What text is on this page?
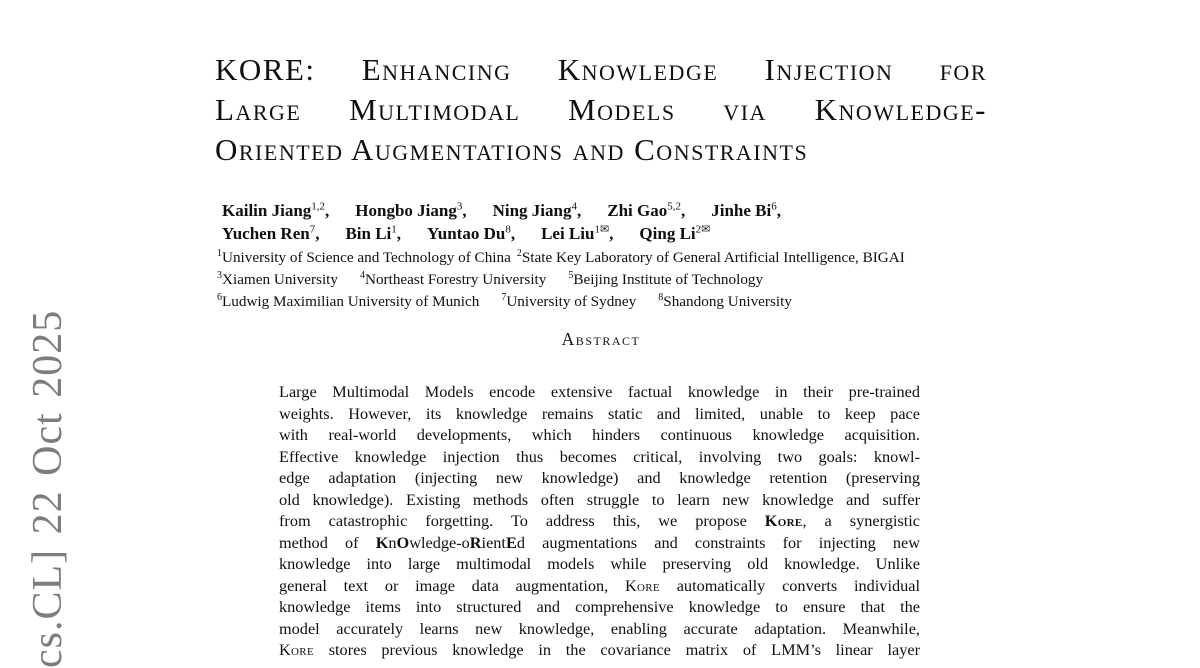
cs.CL] 22 Oct 2025
KORE: Enhancing Knowledge Injection for
Large Multimodal Models via Knowledge-
Oriented Augmentations and Constraints
Kailin Jiang$^{1,2}$, Hongbo Jiang$^3$, Ning Jiang$^4$, Zhi Gao$^{5,2}$, Jinhe Bi$^6$,
Yuchen Ren$^7$, Bin Li$^1$, Yuntao Du$^8$, Lei Liu$^{1✉}$, Qing $Li^{2✉}$
$^1$University of Science and Technology of China $^2$State Key Laboratory of General Artificial Intelligence, BIGAI
$^3$Xiamen University $^4$Northeast Forestry University $^5$Beijing Institute of Technology
$^6$Ludwig Maximilian University of Munich $^7$University of Sydney $^8$Shandong University
Abstract
Large Multimodal Models encode extensive factual knowledge in their pre-trained
weights. However, its knowledge remains static and limited, unable to keep pace
with real-world developments, which hinders continuous knowledge acquisition.
Effective knowledge injection thus becomes critical, involving two goals: knowl-
edge adaptation (injecting new knowledge) and knowledge retention (preserving
old knowledge). Existing methods often struggle to learn new knowledge and suffer
from catastrophic forgetting. To address this, we propose Kore, a synergistic
method of KnOwledge-oRientEd augmentations and constraints for injecting new
knowledge into large multimodal models while preserving old knowledge. Unlike
general text or image data augmentation, Kore automatically converts individual
knowledge items into structured and comprehensive knowledge to ensure that the
model accurately learns new knowledge, enabling accurate adaptation. Meanwhile,
Kore stores previous knowledge in the covariance matrix of LMM’s linear layer
